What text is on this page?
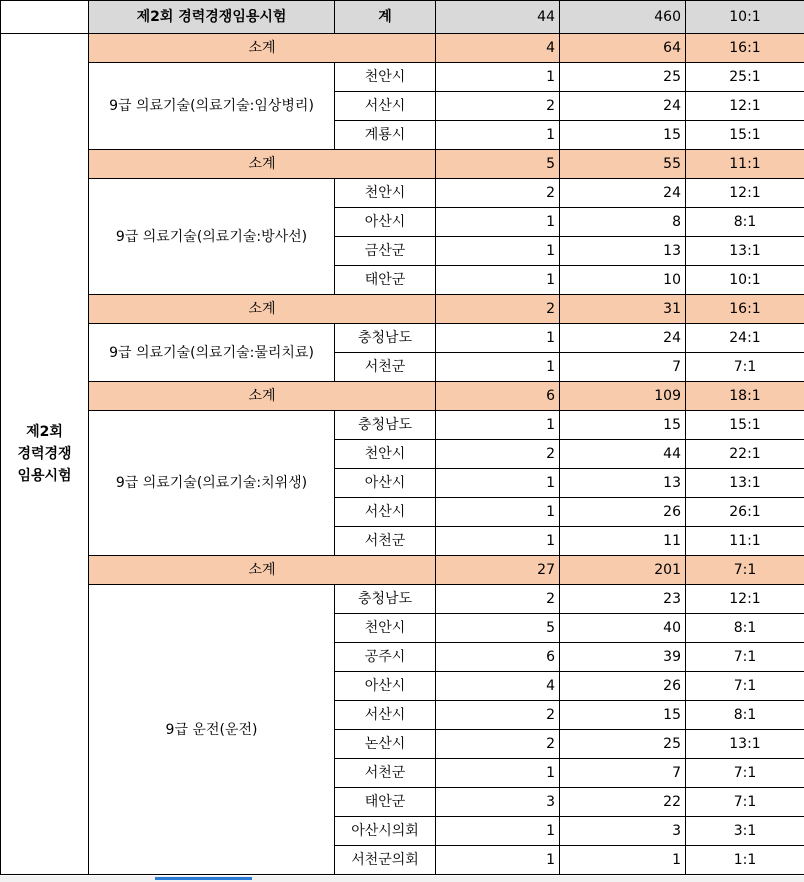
	제2회 경력경쟁임용시험	계	44	460	10:1
제2회
경력경쟁
임용시험	소계		4	64	16:1
	9급 의료기술(의료기술:임상병리)	천안시	1	25	25:1
		서산시	2	24	12:1
		계룡시	1	15	15:1
	소계		5	55	11:1
	9급 의료기술(의료기술:방사선)	천안시	2	24	12:1
		아산시	1	8	8:1
		금산군	1	13	13:1
		태안군	1	10	10:1
	소계		2	31	16:1
	9급 의료기술(의료기술:물리치료)	충청남도	1	24	24:1
		서천군	1	7	7:1
	소계		6	109	18:1
	9급 의료기술(의료기술:치위생)	충청남도	1	15	15:1
		천안시	2	44	22:1
		아산시	1	13	13:1
		서산시	1	26	26:1
		서천군	1	11	11:1
	소계		27	201	7:1
	9급 운전(운전)	충청남도	2	23	12:1
		천안시	5	40	8:1
		공주시	6	39	7:1
		아산시	4	26	7:1
		서산시	2	15	8:1
		논산시	2	25	13:1
		서천군	1	7	7:1
		태안군	3	22	7:1
		아산시의회	1	3	3:1
		서천군의회	1	1	1:1
